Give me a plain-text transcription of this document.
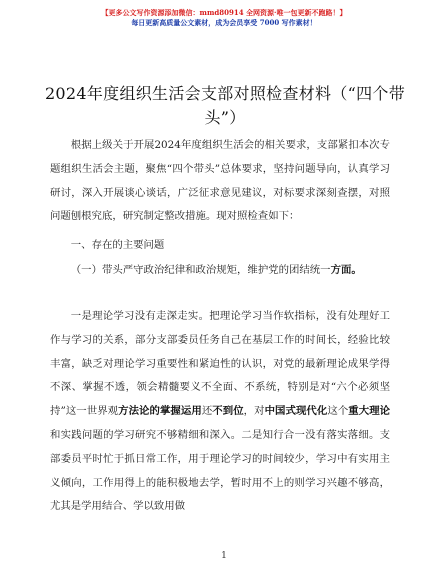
【更多公文写作资源添加微信：mmd80914 全网资源·唯一包更新不跑路！】
每日更新高质量公文素材，成为会员享受 7000 写作素材！
2024年度组织生活会支部对照检查材料（“四个带头”）

根据上级关于开展2024年度组织生活会的相关要求，支部紧扣本次专题组织生活会主题，聚焦“四个带头”总体要求，坚持问题导向，认真学习研讨，深入开展谈心谈话，广泛征求意见建议，对标要求深刻查摆，对照问题刨根究底，研究制定整改措施。现对照检查如下：

一、存在的主要问题

（一）带头严守政治纪律和政治规矩，维护党的团结统一方面。

一是理论学习没有走深走实。把理论学习当作软指标，没有处理好工作与学习的关系，部分支部委员任务自己在基层工作的时间长，经验比较丰富，缺乏对理论学习重要性和紧迫性的认识，对党的最新理论成果学得不深、掌握不透，领会精髓要义不全面、不系统，特别是对“六个必须坚持”这一世界观方法论的掌握运用还不到位，对中国式现代化这个重大理论和实践问题的学习研究不够精细和深入。二是知行合一没有落实落细。支部委员平时忙于抓日常工作，用于理论学习的时间较少，学习中有实用主义倾向，工作用得上的能积极地去学，暂时用不上的则学习兴趣不够高，尤其是学用结合、学以致用做

1
